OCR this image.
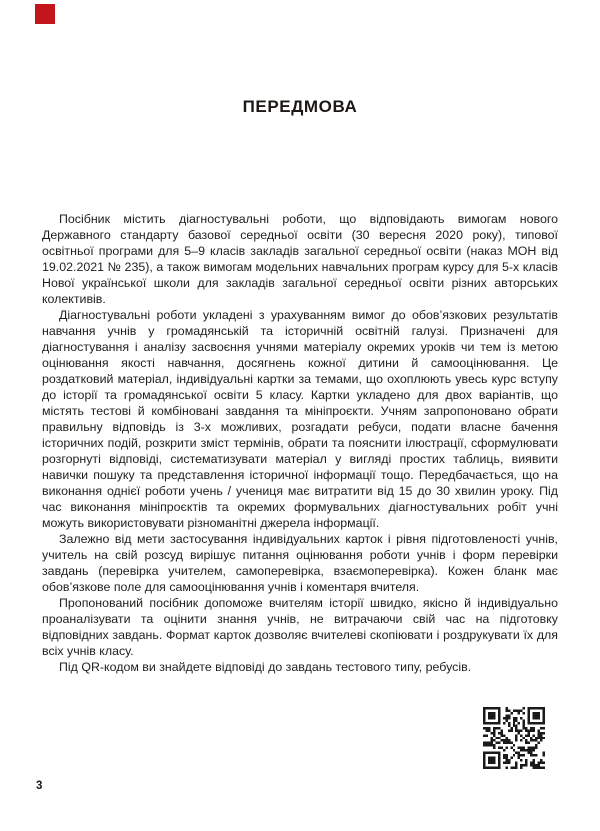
ПЕРЕДМОВА

Посібник містить діагностувальні роботи, що відповідають вимогам нового Державного стандарту базової середньої освіти (30 вересня 2020 року), типової освітньої програми для 5–9 класів закладів загальної середньої освіти (наказ МОН від 19.02.2021 № 235), а також вимогам модельних навчальних програм курсу для 5-х класів Нової української школи для закладів загальної середньої освіти різних авторських колективів.

Діагностувальні роботи укладені з урахуванням вимог до обов’язкових результатів навчання учнів у громадянській та історичній освітній галузі. Призначені для діагностування і аналізу засвоєння учнями матеріалу окремих уроків чи тем із метою оцінювання якості навчання, досягнень кожної дитини й самооцінювання. Це роздатковий матеріал, індивідуальні картки за темами, що охоплюють увесь курс вступу до історії та громадянської освіти 5 класу. Картки укладено для двох варіантів, що містять тестові й комбіновані завдання та мініпроєкти. Учням запропоновано обрати правильну відповідь із 3-х можливих, розгадати ребуси, подати власне бачення історичних подій, розкрити зміст термінів, обрати та пояснити ілюстрації, сформулювати розгорнуті відповіді, систематизувати матеріал у вигляді простих таблиць, виявити навички пошуку та представлення історичної інформації тощо. Передбачається, що на виконання однієї роботи учень / учениця має витратити від 15 до 30 хвилин уроку. Під час виконання мініпроєктів та окремих формувальних діагностувальних робіт учні можуть використовувати різноманітні джерела інформації.

Залежно від мети застосування індивідуальних карток і рівня підготовленості учнів, учитель на свій розсуд вирішує питання оцінювання роботи учнів і форм перевірки завдань (перевірка учителем, самоперевірка, взаємоперевірка). Кожен бланк має обов’язкове поле для самооцінювання учнів і коментаря вчителя.

Пропонований посібник допоможе вчителям історії швидко, якісно й індивідуально проаналізувати та оцінити знання учнів, не витрачаючи свій час на підготовку відповідних завдань. Формат карток дозволяє вчителеві скопіювати і роздрукувати їх для всіх учнів класу.

Під QR-кодом ви знайдете відповіді до завдань тестового типу, ребусів.

3
